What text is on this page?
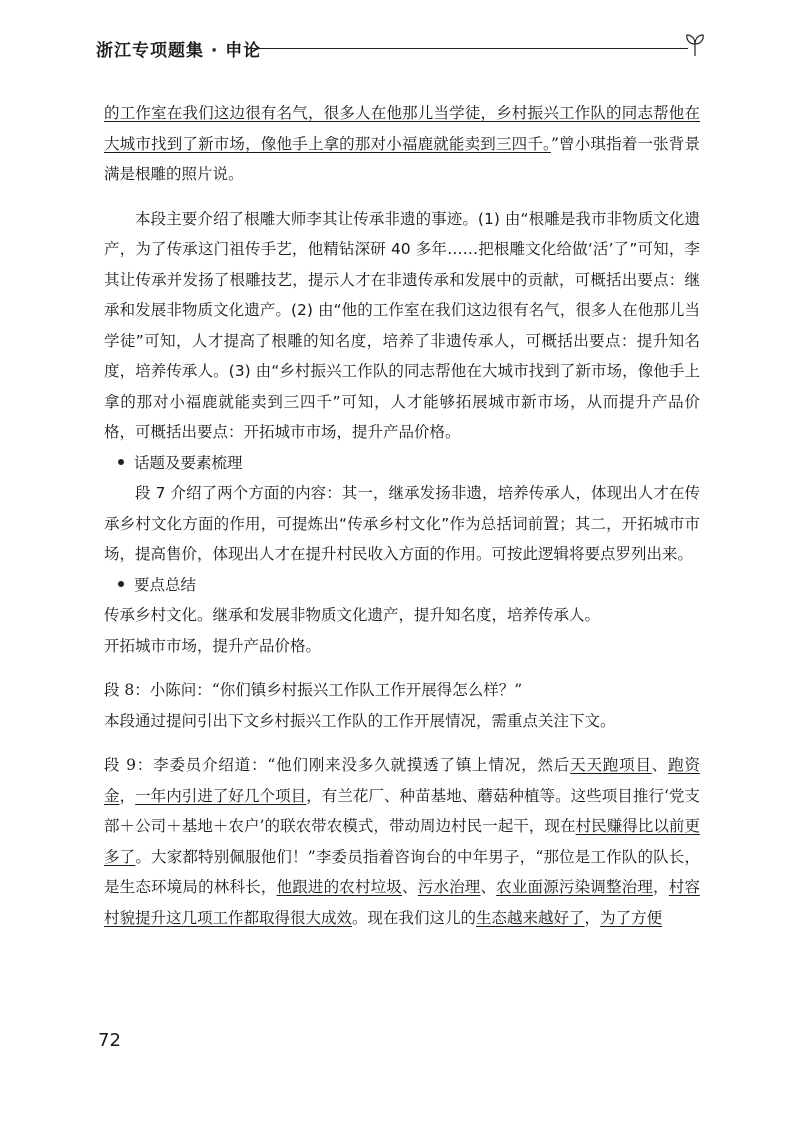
浙江专项题集 · 申论

的工作室在我们这边很有名气，很多人在他那儿当学徒，乡村振兴工作队的同志帮他在大城市找到了新市场，像他手上拿的那对小福鹿就能卖到三四千。”曾小琪指着一张背景满是根雕的照片说。

本段主要介绍了根雕大师李其让传承非遗的事迹。(1) 由“根雕是我市非物质文化遗产，为了传承这门祖传手艺，他精钻深研 40 多年……把根雕文化给做‘活’了”可知，李其让传承并发扬了根雕技艺，提示人才在非遗传承和发展中的贡献，可概括出要点：继承和发展非物质文化遗产。(2) 由“他的工作室在我们这边很有名气，很多人在他那儿当学徒”可知，人才提高了根雕的知名度，培养了非遗传承人，可概括出要点：提升知名度，培养传承人。(3) 由“乡村振兴工作队的同志帮他在大城市找到了新市场，像他手上拿的那对小福鹿就能卖到三四千”可知，人才能够拓展城市新市场，从而提升产品价格，可概括出要点：开拓城市市场，提升产品价格。

话题及要素梳理

段 7 介绍了两个方面的内容：其一，继承发扬非遗，培养传承人，体现出人才在传承乡村文化方面的作用，可提炼出“传承乡村文化”作为总括词前置；其二，开拓城市市场，提高售价，体现出人才在提升村民收入方面的作用。可按此逻辑将要点罗列出来。

要点总结

传承乡村文化。继承和发展非物质文化遗产，提升知名度，培养传承人。

开拓城市市场，提升产品价格。

段 8：小陈问：“你们镇乡村振兴工作队工作开展得怎么样？”

本段通过提问引出下文乡村振兴工作队的工作开展情况，需重点关注下文。

段 9：李委员介绍道：“他们刚来没多久就摸透了镇上情况，然后天天跑项目、跑资金，一年内引进了好几个项目，有兰花厂、种苗基地、蘑菇种植等。这些项目推行‘党支部＋公司＋基地＋农户’的联农带农模式，带动周边村民一起干，现在村民赚得比以前更多了。大家都特别佩服他们！”李委员指着咨询台的中年男子，“那位是工作队的队长，是生态环境局的林科长，他跟进的农村垃圾、污水治理、农业面源污染调整治理，村容村貌提升这几项工作都取得很大成效。现在我们这儿的生态越来越好了，为了方便

72
